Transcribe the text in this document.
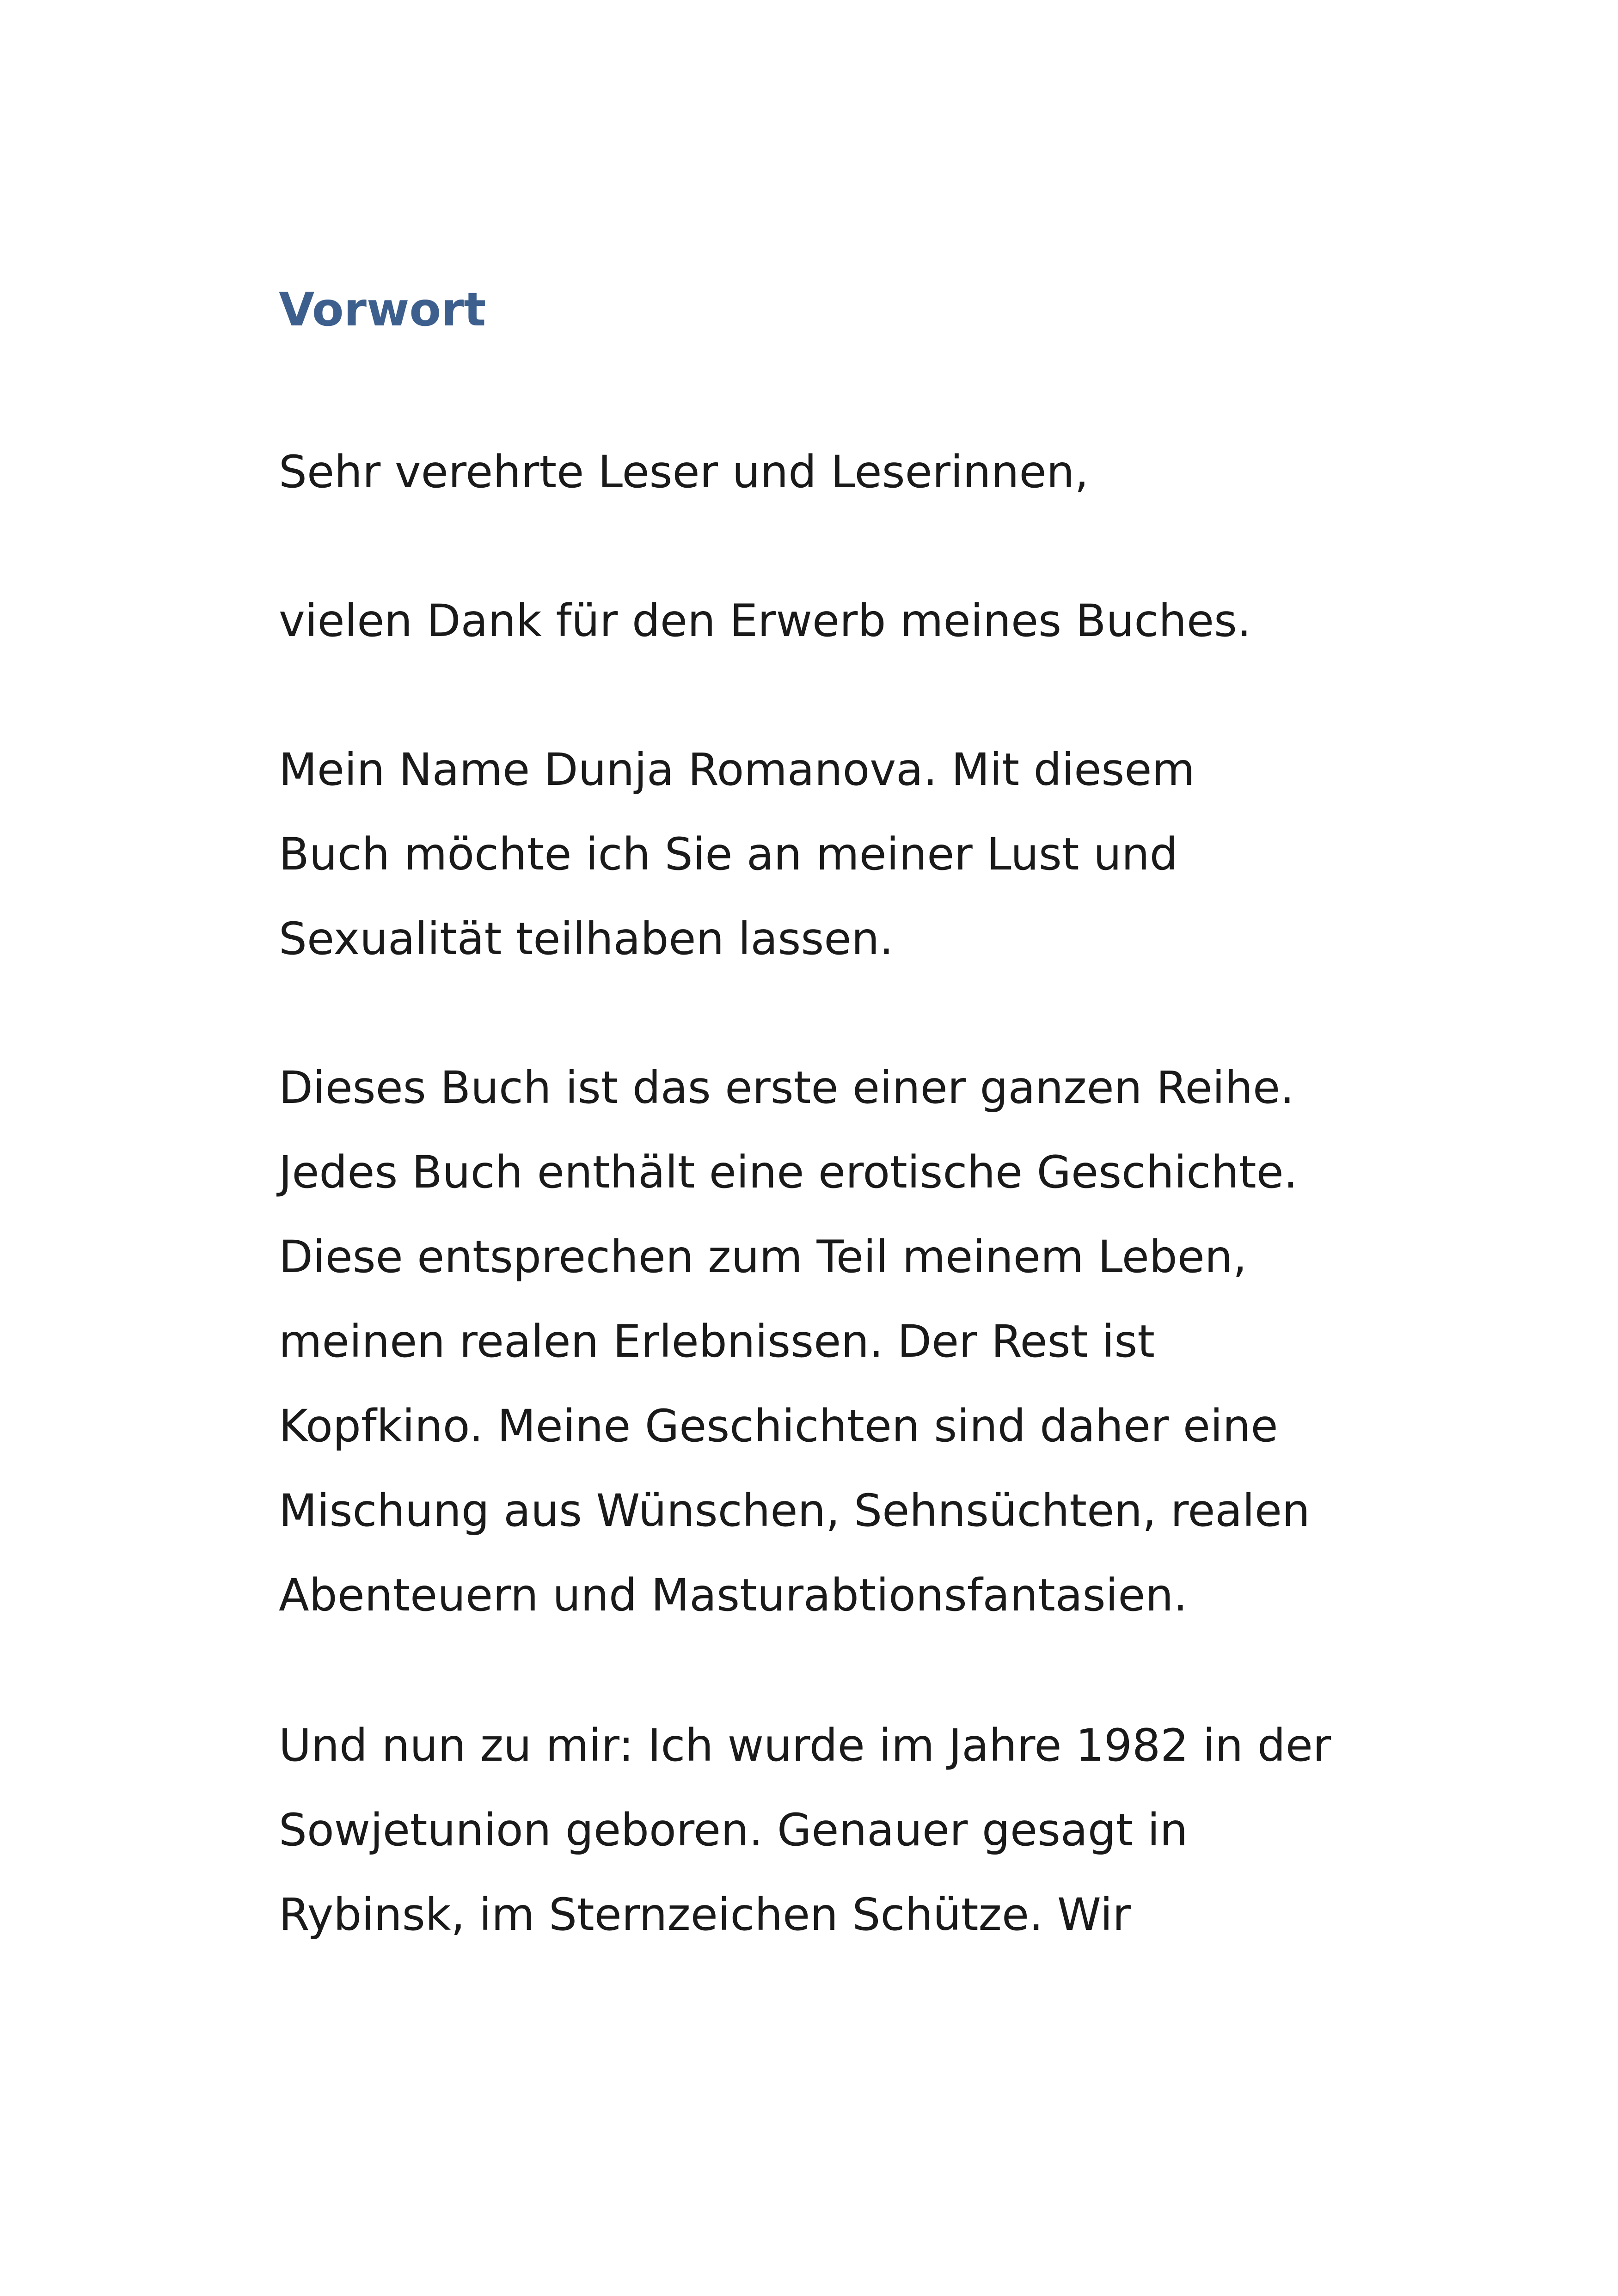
Vorwort

Sehr verehrte Leser und Leserinnen,

vielen Dank für den Erwerb meines Buches.

Mein Name Dunja Romanova. Mit diesem
Buch möchte ich Sie an meiner Lust und
Sexualität teilhaben lassen.

Dieses Buch ist das erste einer ganzen Reihe.
Jedes Buch enthält eine erotische Geschichte.
Diese entsprechen zum Teil meinem Leben,
meinen realen Erlebnissen. Der Rest ist
Kopfkino. Meine Geschichten sind daher eine
Mischung aus Wünschen, Sehnsüchten, realen
Abenteuern und Masturabtionsfantasien.

Und nun zu mir: Ich wurde im Jahre 1982 in der
Sowjetunion geboren. Genauer gesagt in
Rybinsk, im Sternzeichen Schütze. Wir
